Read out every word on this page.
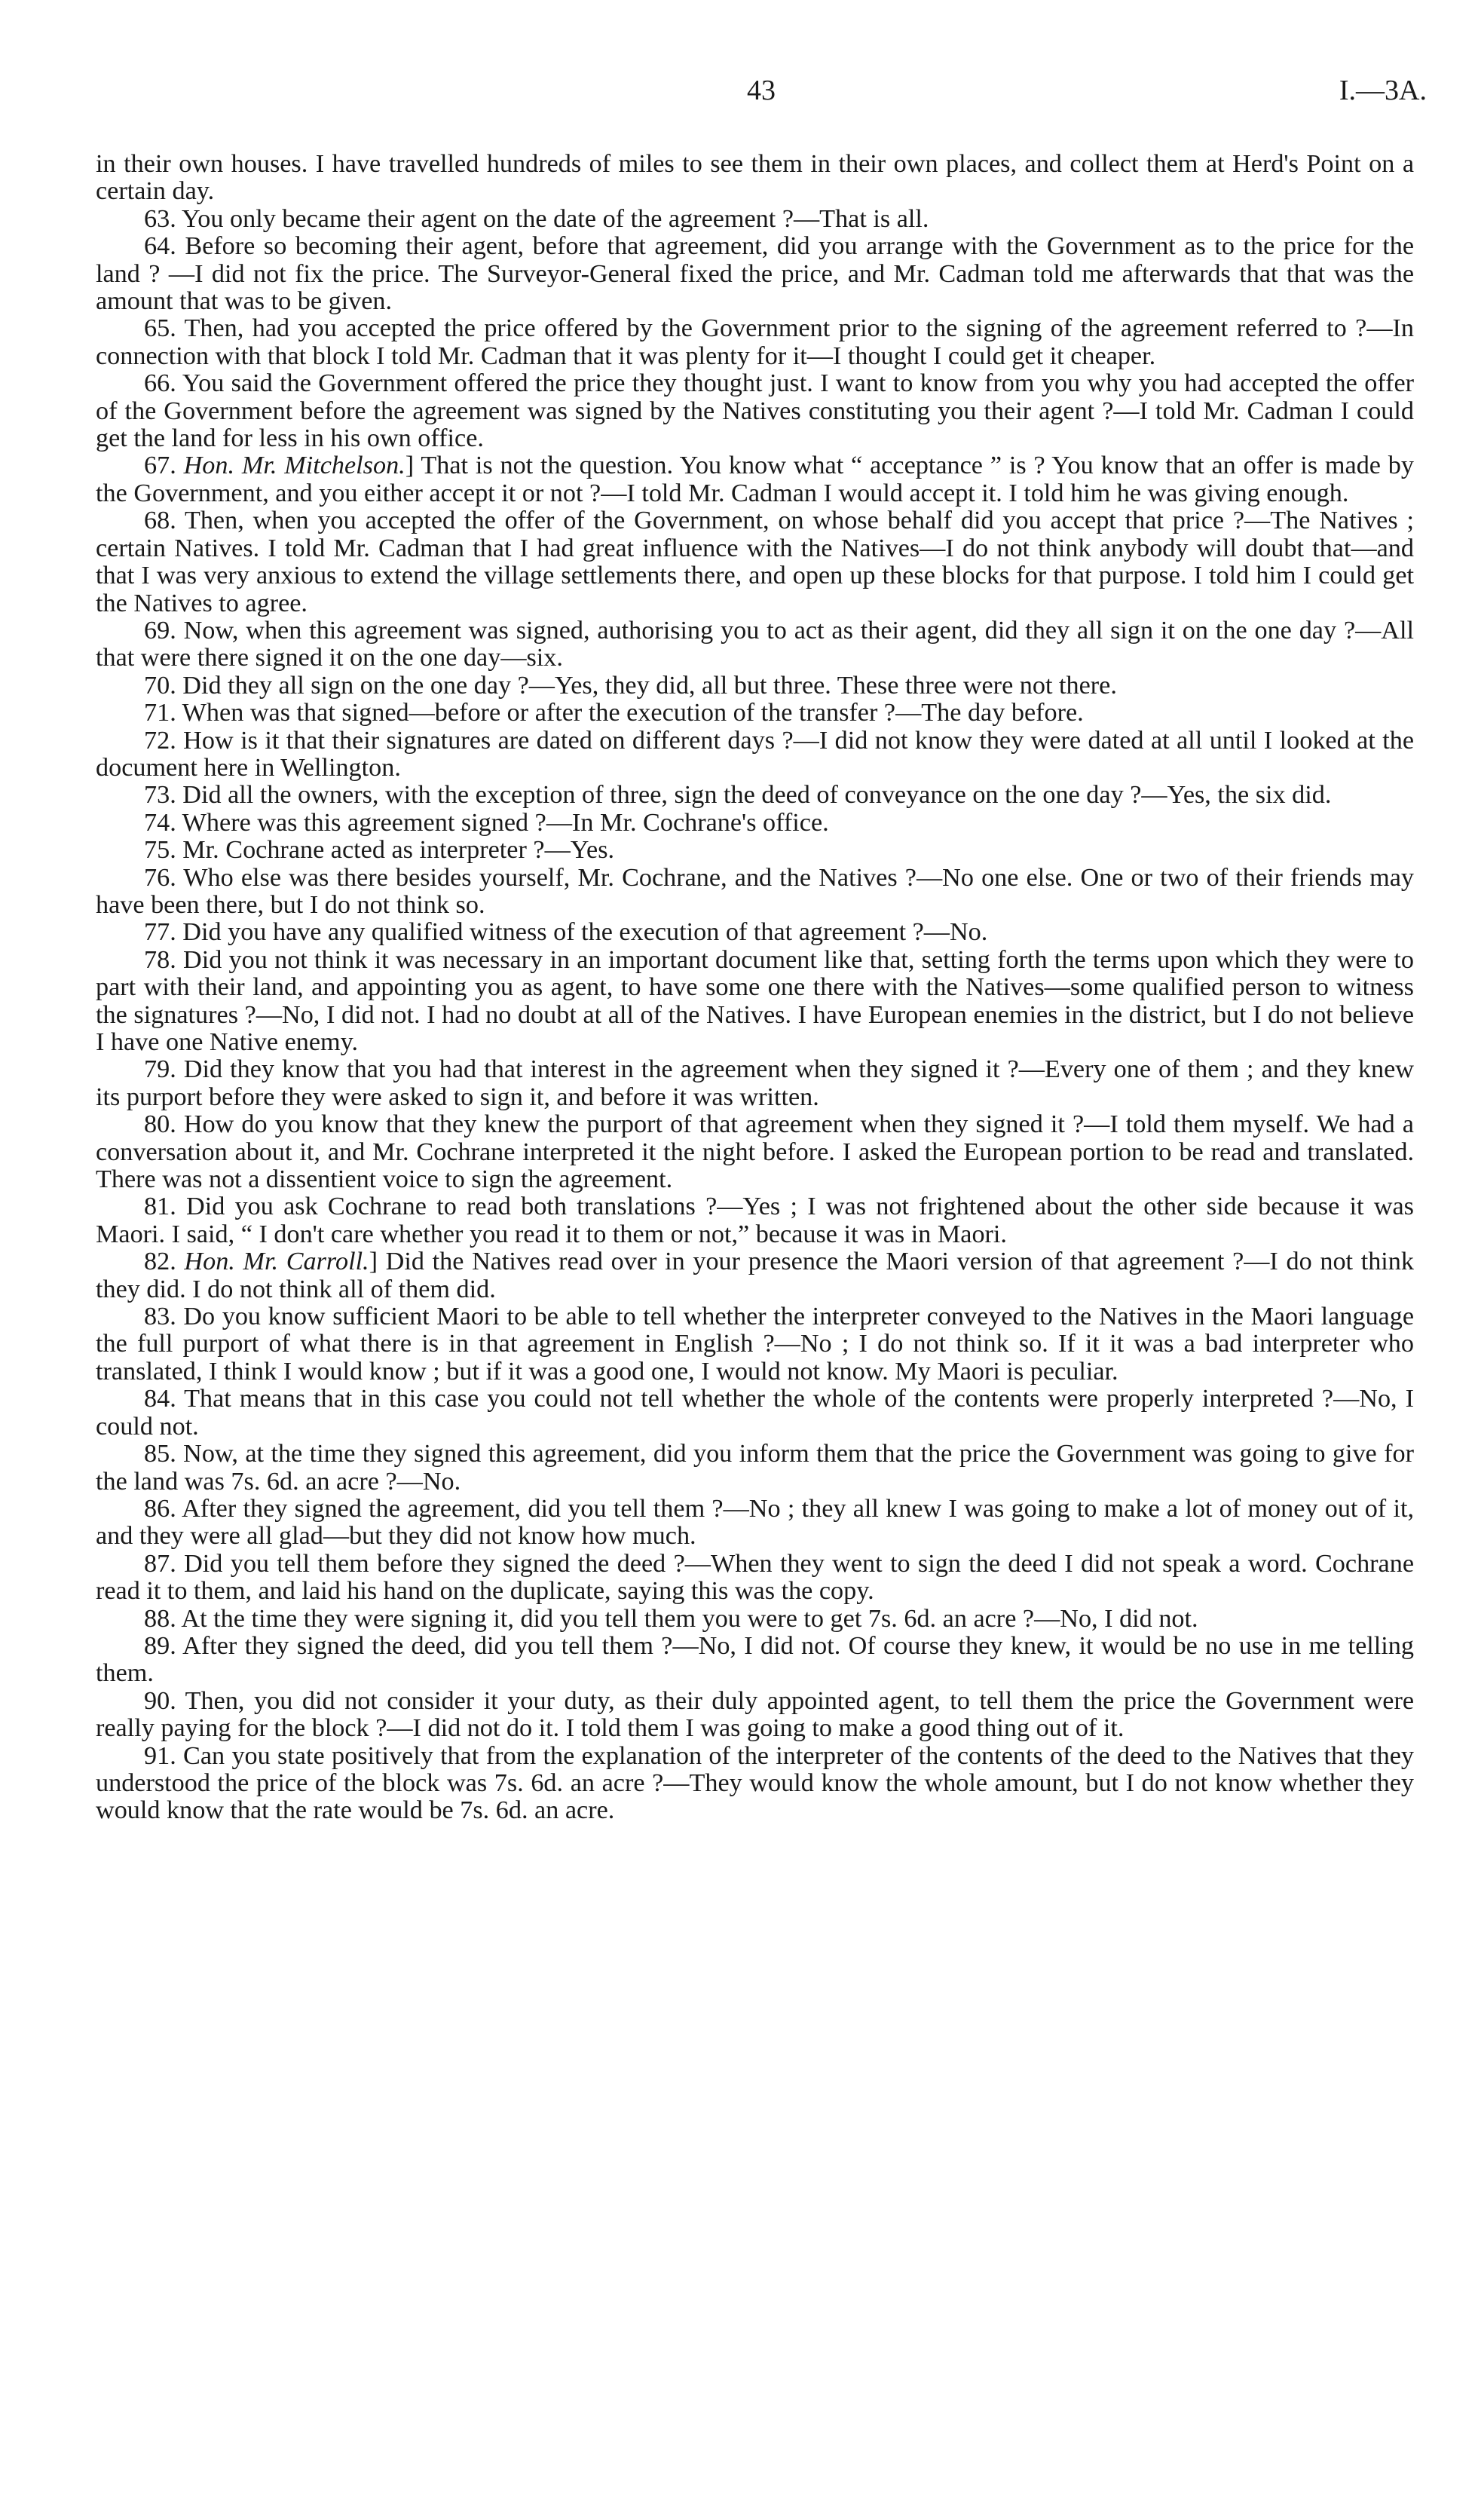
43	I.—3A.

in their own houses. I have travelled hundreds of miles to see them in their own places, and collect them at Herd's Point on a certain day.

63. You only became their agent on the date of the agreement ?—That is all.

64. Before so becoming their agent, before that agreement, did you arrange with the Government as to the price for the land ? —I did not fix the price. The Surveyor-General fixed the price, and Mr. Cadman told me afterwards that that was the amount that was to be given.

65. Then, had you accepted the price offered by the Government prior to the signing of the agreement referred to ?—In connection with that block I told Mr. Cadman that it was plenty for it—I thought I could get it cheaper.

66. You said the Government offered the price they thought just. I want to know from you why you had accepted the offer of the Government before the agreement was signed by the Natives constituting you their agent ?—I told Mr. Cadman I could get the land for less in his own office.

67. Hon. Mr. Mitchelson.] That is not the question. You know what “ acceptance ” is ? You know that an offer is made by the Government, and you either accept it or not ?—I told Mr. Cadman I would accept it. I told him he was giving enough.

68. Then, when you accepted the offer of the Government, on whose behalf did you accept that price ?—The Natives ; certain Natives. I told Mr. Cadman that I had great influence with the Natives—I do not think anybody will doubt that—and that I was very anxious to extend the village settlements there, and open up these blocks for that purpose. I told him I could get the Natives to agree.

69. Now, when this agreement was signed, authorising you to act as their agent, did they all sign it on the one day ?—All that were there signed it on the one day—six.

70. Did they all sign on the one day ?—Yes, they did, all but three. These three were not there.

71. When was that signed—before or after the execution of the transfer ?—The day before.

72. How is it that their signatures are dated on different days ?—I did not know they were dated at all until I looked at the document here in Wellington.

73. Did all the owners, with the exception of three, sign the deed of conveyance on the one day ?—Yes, the six did.

74. Where was this agreement signed ?—In Mr. Cochrane's office.

75. Mr. Cochrane acted as interpreter ?—Yes.

76. Who else was there besides yourself, Mr. Cochrane, and the Natives ?—No one else. One or two of their friends may have been there, but I do not think so.

77. Did you have any qualified witness of the execution of that agreement ?—No.

78. Did you not think it was necessary in an important document like that, setting forth the terms upon which they were to part with their land, and appointing you as agent, to have some one there with the Natives—some qualified person to witness the signatures ?—No, I did not. I had no doubt at all of the Natives. I have European enemies in the district, but I do not believe I have one Native enemy.

79. Did they know that you had that interest in the agreement when they signed it ?—Every one of them ; and they knew its purport before they were asked to sign it, and before it was written.

80. How do you know that they knew the purport of that agreement when they signed it ?—I told them myself. We had a conversation about it, and Mr. Cochrane interpreted it the night before. I asked the European portion to be read and translated. There was not a dissentient voice to sign the agreement.

81. Did you ask Cochrane to read both translations ?—Yes ; I was not frightened about the other side because it was Maori. I said, “ I don't care whether you read it to them or not,” because it was in Maori.

82. Hon. Mr. Carroll.] Did the Natives read over in your presence the Maori version of that agreement ?—I do not think they did. I do not think all of them did.

83. Do you know sufficient Maori to be able to tell whether the interpreter conveyed to the Natives in the Maori language the full purport of what there is in that agreement in English ?—No ; I do not think so. If it it was a bad interpreter who translated, I think I would know ; but if it was a good one, I would not know. My Maori is peculiar.

84. That means that in this case you could not tell whether the whole of the contents were properly interpreted ?—No, I could not.

85. Now, at the time they signed this agreement, did you inform them that the price the Government was going to give for the land was 7s. 6d. an acre ?—No.

86. After they signed the agreement, did you tell them ?—No ; they all knew I was going to make a lot of money out of it, and they were all glad—but they did not know how much.

87. Did you tell them before they signed the deed ?—When they went to sign the deed I did not speak a word. Cochrane read it to them, and laid his hand on the duplicate, saying this was the copy.

88. At the time they were signing it, did you tell them you were to get 7s. 6d. an acre ?—No, I did not.

89. After they signed the deed, did you tell them ?—No, I did not. Of course they knew, it would be no use in me telling them.

90. Then, you did not consider it your duty, as their duly appointed agent, to tell them the price the Government were really paying for the block ?—I did not do it. I told them I was going to make a good thing out of it.

91. Can you state positively that from the explanation of the interpreter of the contents of the deed to the Natives that they understood the price of the block was 7s. 6d. an acre ?—They would know the whole amount, but I do not know whether they would know that the rate would be 7s. 6d. an acre.
